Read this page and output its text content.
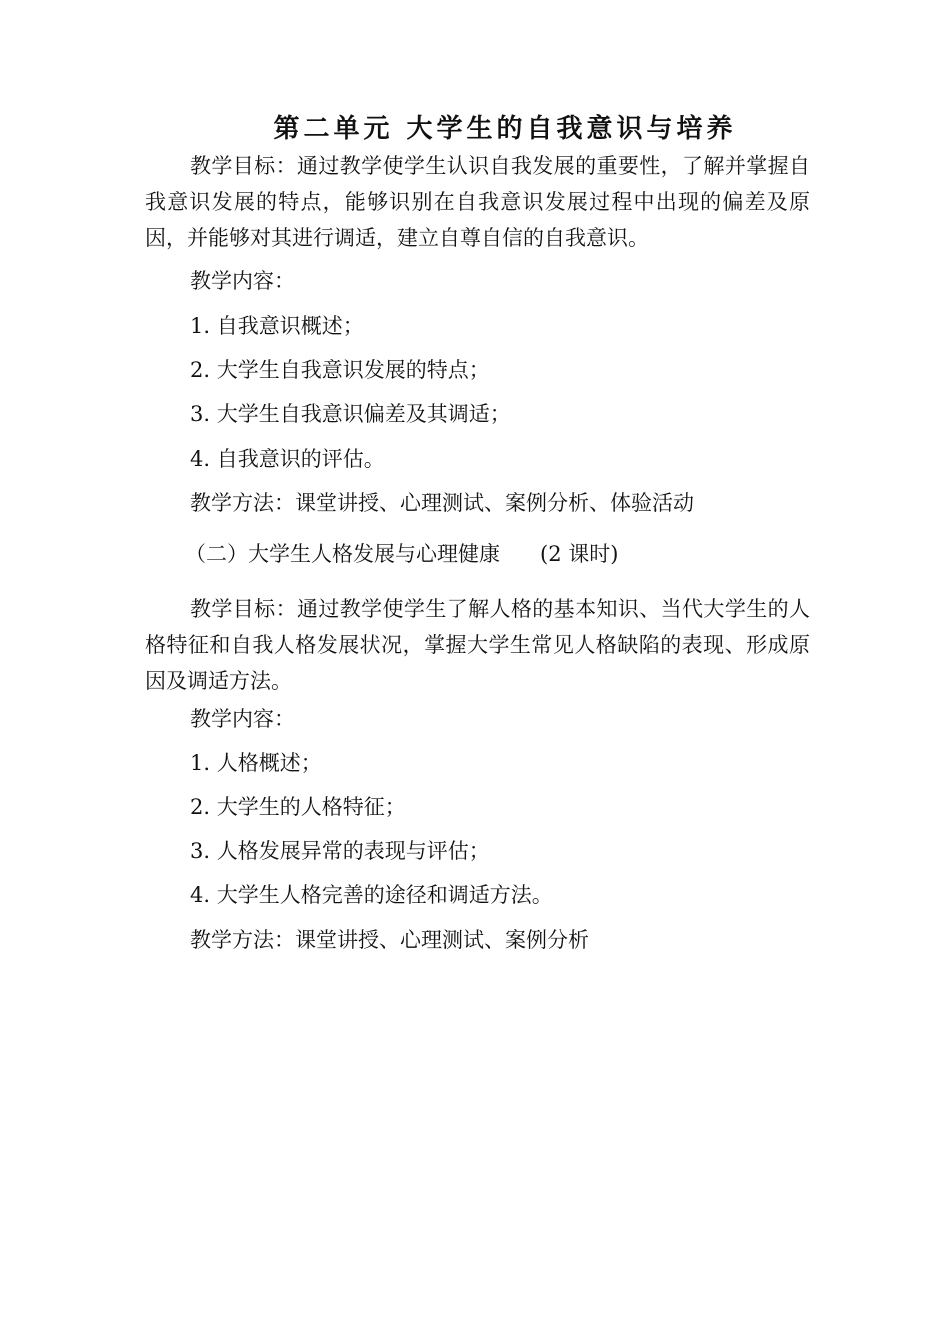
第二单元 大学生的自我意识与培养
教学目标：通过教学使学生认识自我发展的重要性，了解并掌握自我意识发展的特点，能够识别在自我意识发展过程中出现的偏差及原因，并能够对其进行调适，建立自尊自信的自我意识。
教学内容：
1. 自我意识概述；
2. 大学生自我意识发展的特点；
3. 大学生自我意识偏差及其调适；
4. 自我意识的评估。
教学方法：课堂讲授、心理测试、案例分析、体验活动
（二）大学生人格发展与心理健康 (2 课时)
教学目标：通过教学使学生了解人格的基本知识、当代大学生的人格特征和自我人格发展状况，掌握大学生常见人格缺陷的表现、形成原因及调适方法。
教学内容：
1. 人格概述；
2. 大学生的人格特征；
3. 人格发展异常的表现与评估；
4. 大学生人格完善的途径和调适方法。
教学方法：课堂讲授、心理测试、案例分析
